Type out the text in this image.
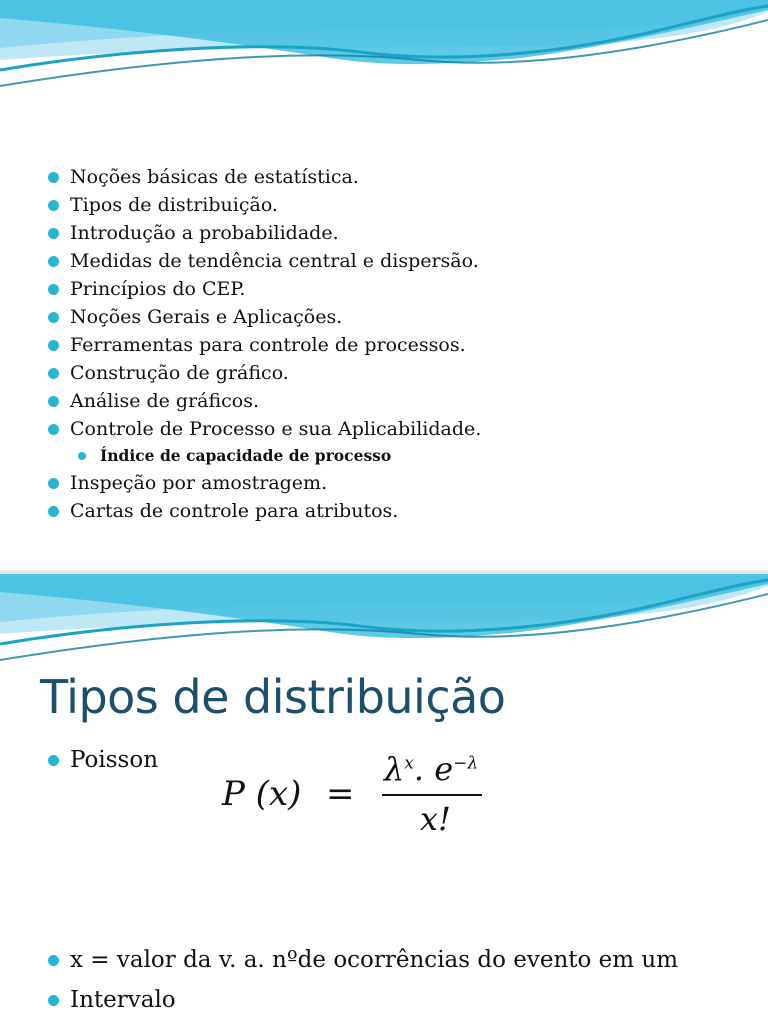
Noções básicas de estatística.
Tipos de distribuição.
Introdução a probabilidade.
Medidas de tendência central e dispersão.
Princípios do CEP.
Noções Gerais e Aplicações.
Ferramentas para controle de processos.
Construção de gráfico.
Análise de gráficos.
Controle de Processo e sua Aplicabilidade.
Índice de capacidade de processo
Inspeção por amostragem.
Cartas de controle para atributos.
Tipos de distribuição
Poisson
P (x) =
$\lambda^x$. $e^{-\lambda}$
x!
x = valor da v. a. nºde ocorrências do evento em um
Intervalo
